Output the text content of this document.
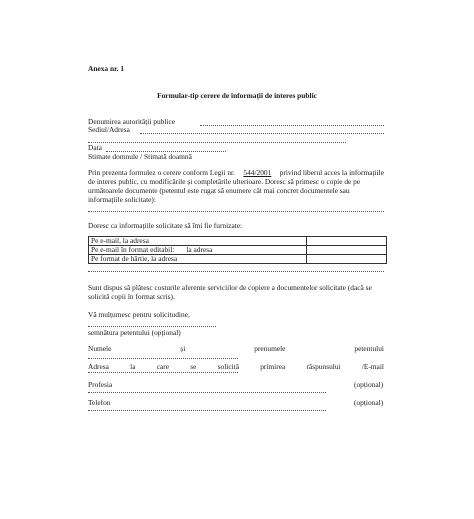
Anexa nr. 1
Formular-tip cerere de informații de interes public
Denumirea autorității publice
Sediul/Adresa
Data
Stimate domnule / Stimată doamnă
Prin prezenta formulez o cerere conform Legii nr. 544/2001 privind liberul acces la informațiile
de interes public, cu modificările și completările ulterioare. Doresc să primesc o copie de pe
următoarele documente (petentul este rugat să enumere cât mai concret documentele sau
informațiile solicitate):
Doresc ca informațiile solicitate să îmi fie furnizate:
Pe e-mail, la adresa	
Pe e-mail în format editabil: la adresa	
Pe format de hârtie, la adresa	
Sunt dispus să plătesc costurile aferente serviciilor de copiere a documentelor solicitate (dacă se
solicită copii în format scris).
Vă mulțumesc pentru solicitudine,
semnătura petentului (opțional)
Numele	și	prenumele	petentului
Adresa	la	care	se	solicită	primirea	răspunsului	/E-mail
Profesia	(opțional)
Telefon	(opțional)
